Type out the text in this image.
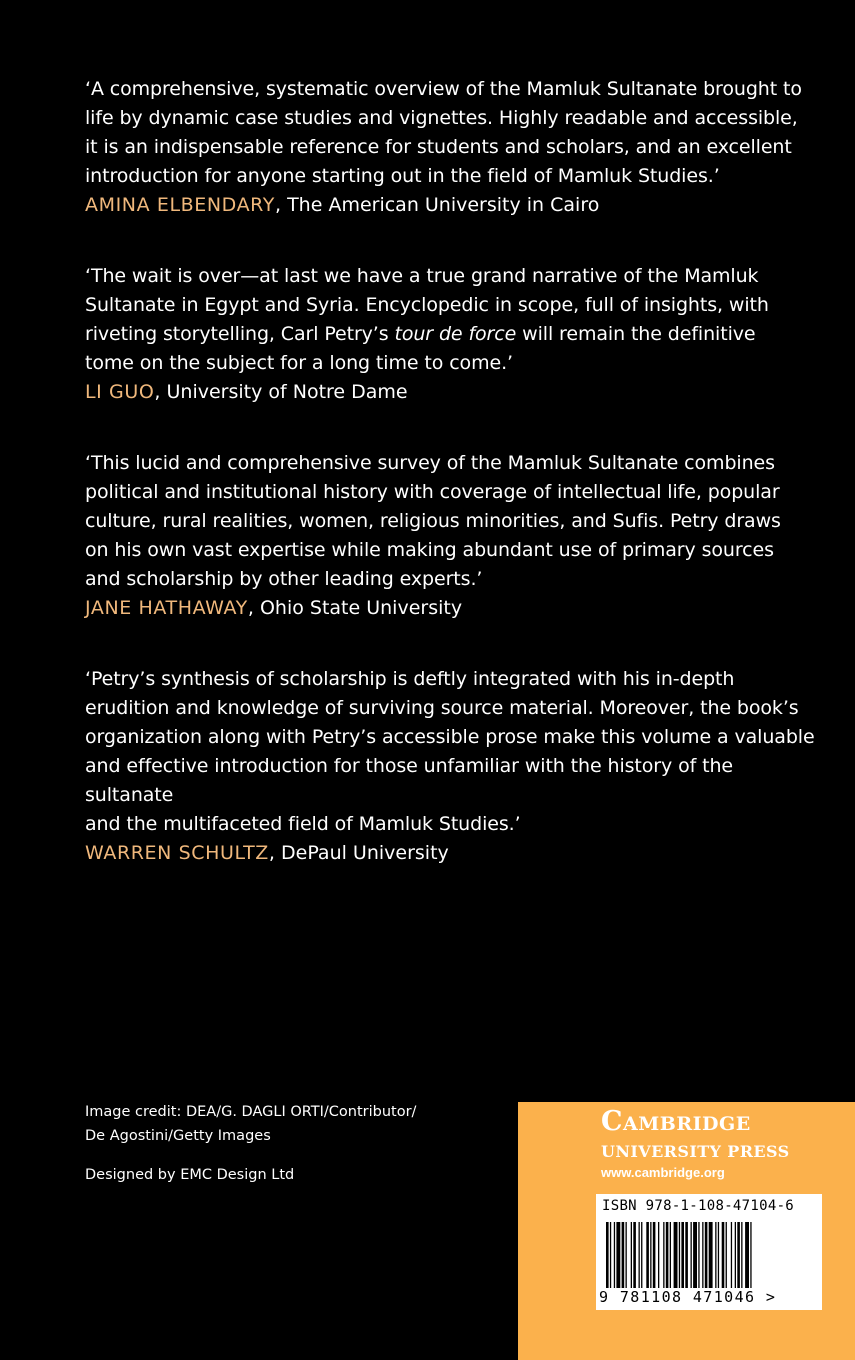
‘A comprehensive, systematic overview of the Mamluk Sultanate brought to
life by dynamic case studies and vignettes. Highly readable and accessible,
it is an indispensable reference for students and scholars, and an excellent
introduction for anyone starting out in the field of Mamluk Studies.’

AMINA ELBENDARY, The American University in Cairo

‘The wait is over—at last we have a true grand narrative of the Mamluk
Sultanate in Egypt and Syria. Encyclopedic in scope, full of insights, with
riveting storytelling, Carl Petry’s tour de force will remain the definitive
tome on the subject for a long time to come.’

LI GUO, University of Notre Dame

‘This lucid and comprehensive survey of the Mamluk Sultanate combines
political and institutional history with coverage of intellectual life, popular
culture, rural realities, women, religious minorities, and Sufis. Petry draws
on his own vast expertise while making abundant use of primary sources
and scholarship by other leading experts.’

JANE HATHAWAY, Ohio State University

‘Petry’s synthesis of scholarship is deftly integrated with his in-depth
erudition and knowledge of surviving source material. Moreover, the book’s
organization along with Petry’s accessible prose make this volume a valuable
and effective introduction for those unfamiliar with the history of the sultanate
and the multifaceted field of Mamluk Studies.’

WARREN SCHULTZ, DePaul University

Image credit: DEA/G. DAGLI ORTI/Contributor/
De Agostini/Getty Images

Designed by EMC Design Ltd

Cambridge
UNIVERSITY PRESS
www.cambridge.org
ISBN 978-1-108-47104-6
9 781108 471046 >
